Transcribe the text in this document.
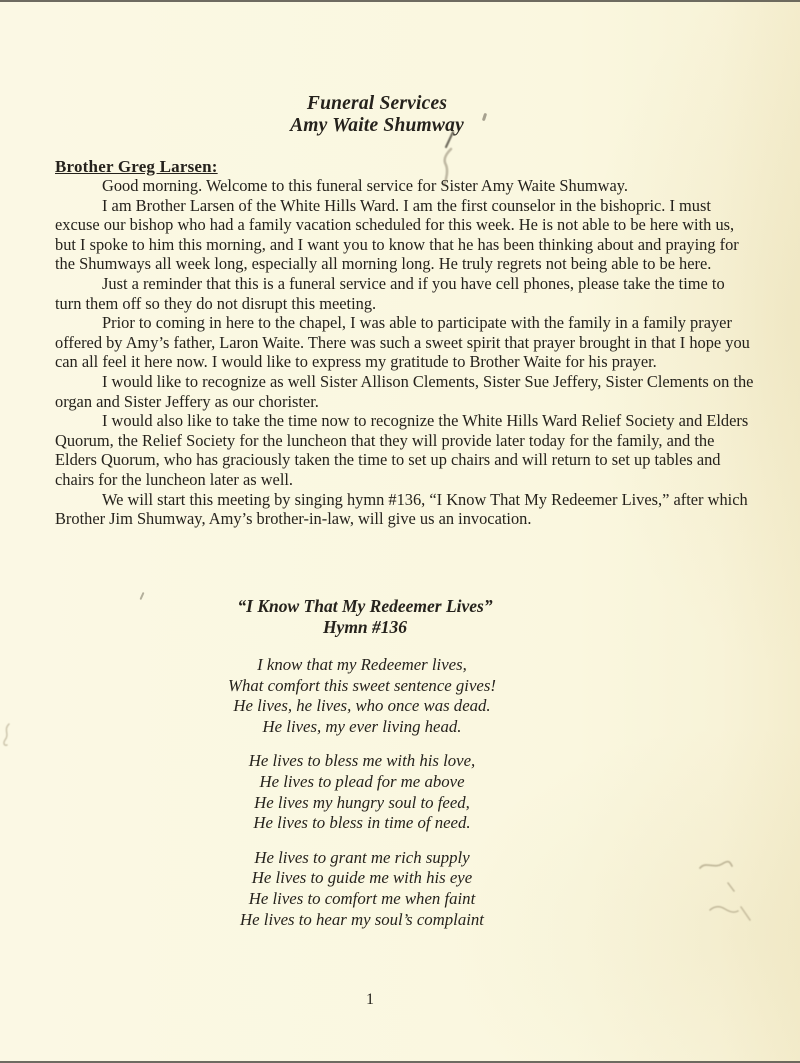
Funeral Services
Amy Waite Shumway
Brother Greg Larsen:

Good morning. Welcome to this funeral service for Sister Amy Waite Shumway.

I am Brother Larsen of the White Hills Ward. I am the first counselor in the bishopric. I must excuse our bishop who had a family vacation scheduled for this week. He is not able to be here with us, but I spoke to him this morning, and I want you to know that he has been thinking about and praying for the Shumways all week long, especially all morning long. He truly regrets not being able to be here.

Just a reminder that this is a funeral service and if you have cell phones, please take the time to turn them off so they do not disrupt this meeting.

Prior to coming in here to the chapel, I was able to participate with the family in a family prayer offered by Amy’s father, Laron Waite. There was such a sweet spirit that prayer brought in that I hope you can all feel it here now. I would like to express my gratitude to Brother Waite for his prayer.

I would like to recognize as well Sister Allison Clements, Sister Sue Jeffery, Sister Clements on the organ and Sister Jeffery as our chorister.

I would also like to take the time now to recognize the White Hills Ward Relief Society and Elders Quorum, the Relief Society for the luncheon that they will provide later today for the family, and the Elders Quorum, who has graciously taken the time to set up chairs and will return to set up tables and chairs for the luncheon later as well.

We will start this meeting by singing hymn #136, “I Know That My Redeemer Lives,” after which Brother Jim Shumway, Amy’s brother-in-law, will give us an invocation.

“I Know That My Redeemer Lives”
Hymn #136
I know that my Redeemer lives,
What comfort this sweet sentence gives!
He lives, he lives, who once was dead.
He lives, my ever living head.
He lives to bless me with his love,
He lives to plead for me above
He lives my hungry soul to feed,
He lives to bless in time of need.
He lives to grant me rich supply
He lives to guide me with his eye
He lives to comfort me when faint
He lives to hear my soul’s complaint
1
